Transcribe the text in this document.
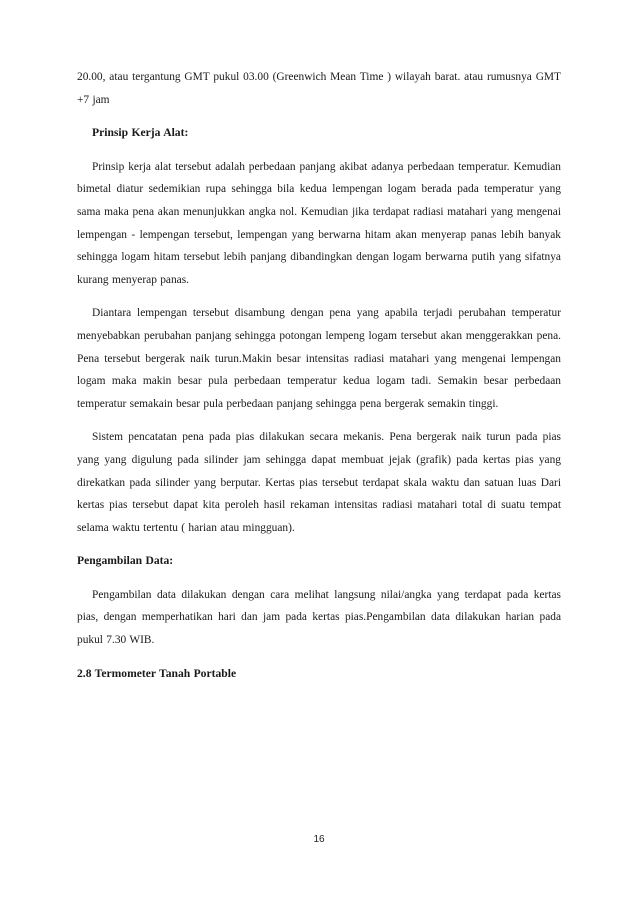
20.00, atau tergantung GMT pukul 03.00 (Greenwich Mean Time ) wilayah barat. atau rumusnya GMT +7 jam

Prinsip Kerja Alat:

Prinsip kerja alat tersebut adalah perbedaan panjang akibat adanya perbedaan temperatur. Kemudian bimetal diatur sedemikian rupa sehingga bila kedua lempengan logam berada pada temperatur yang sama maka pena akan menunjukkan angka nol. Kemudian jika terdapat radiasi matahari yang mengenai lempengan - lempengan tersebut, lempengan yang berwarna hitam akan menyerap panas lebih banyak sehingga logam hitam tersebut lebih panjang dibandingkan dengan logam berwarna putih yang sifatnya kurang menyerap panas.

Diantara lempengan tersebut disambung dengan pena yang apabila terjadi perubahan temperatur menyebabkan perubahan panjang sehingga potongan lempeng logam tersebut akan menggerakkan pena. Pena tersebut bergerak naik turun.Makin besar intensitas radiasi matahari yang mengenai lempengan logam maka makin besar pula perbedaan temperatur kedua logam tadi. Semakin besar perbedaan temperatur semakain besar pula perbedaan panjang sehingga pena bergerak semakin tinggi.

Sistem pencatatan pena pada pias dilakukan secara mekanis. Pena bergerak naik turun pada pias yang yang digulung pada silinder jam sehingga dapat membuat jejak (grafik) pada kertas pias yang direkatkan pada silinder yang berputar. Kertas pias tersebut terdapat skala waktu dan satuan luas Dari kertas pias tersebut dapat kita peroleh hasil rekaman intensitas radiasi matahari total di suatu tempat selama waktu tertentu ( harian atau mingguan).

Pengambilan Data:

Pengambilan data dilakukan dengan cara melihat langsung nilai/angka yang terdapat pada kertas pias, dengan memperhatikan hari dan jam pada kertas pias.Pengambilan data dilakukan harian pada pukul 7.30 WIB.

2.8 Termometer Tanah Portable

16
